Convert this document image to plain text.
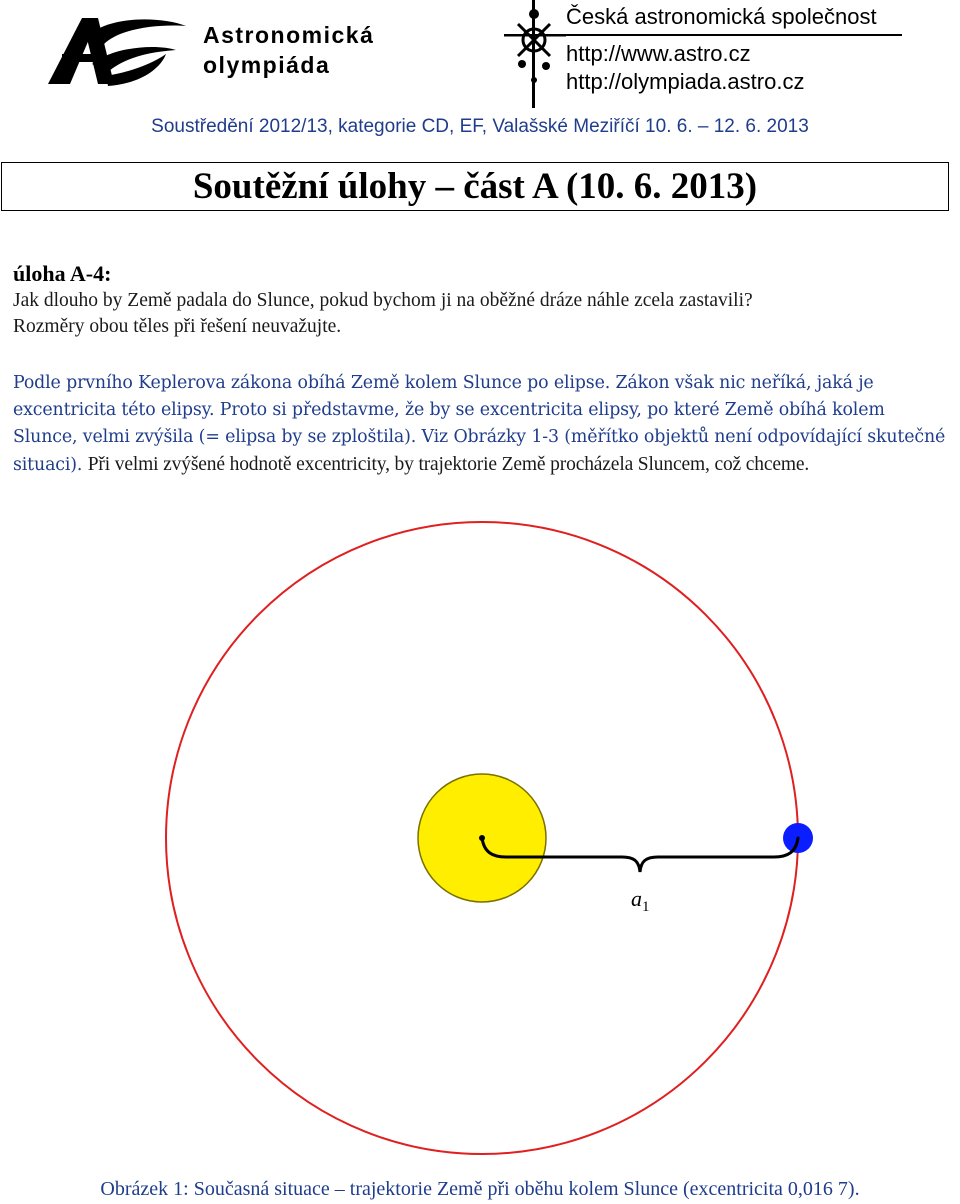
Astronomická
olympiáda
Česká astronomická společnost
http://www.astro.cz
http://olympiada.astro.cz
Soustředění 2012/13, kategorie CD, EF, Valašské Meziříčí 10. 6. – 12. 6. 2013
Soutěžní úlohy – část A (10. 6. 2013)
úloha A-4:
Jak dlouho by Země padala do Slunce, pokud bychom ji na oběžné dráze náhle zcela zastavili?
Rozměry obou těles při řešení neuvažujte.
Podle prvního Keplerova zákona obíhá Země kolem Slunce po elipse. Zákon však nic neříká, jaká je excentricita této elipsy. Proto si představme, že by se excentricita elipsy, po které Země obíhá kolem Slunce, velmi zvýšila (= elipsa by se zploštila). Viz Obrázky 1-3 (měřítko objektů není odpovídající skutečné situaci). Při velmi zvýšené hodnotě excentricity, by trajektorie Země procházela Sluncem, což chceme.
$a_1$
Obrázek 1: Současná situace – trajektorie Země při oběhu kolem Slunce (excentricita 0,016 7).
